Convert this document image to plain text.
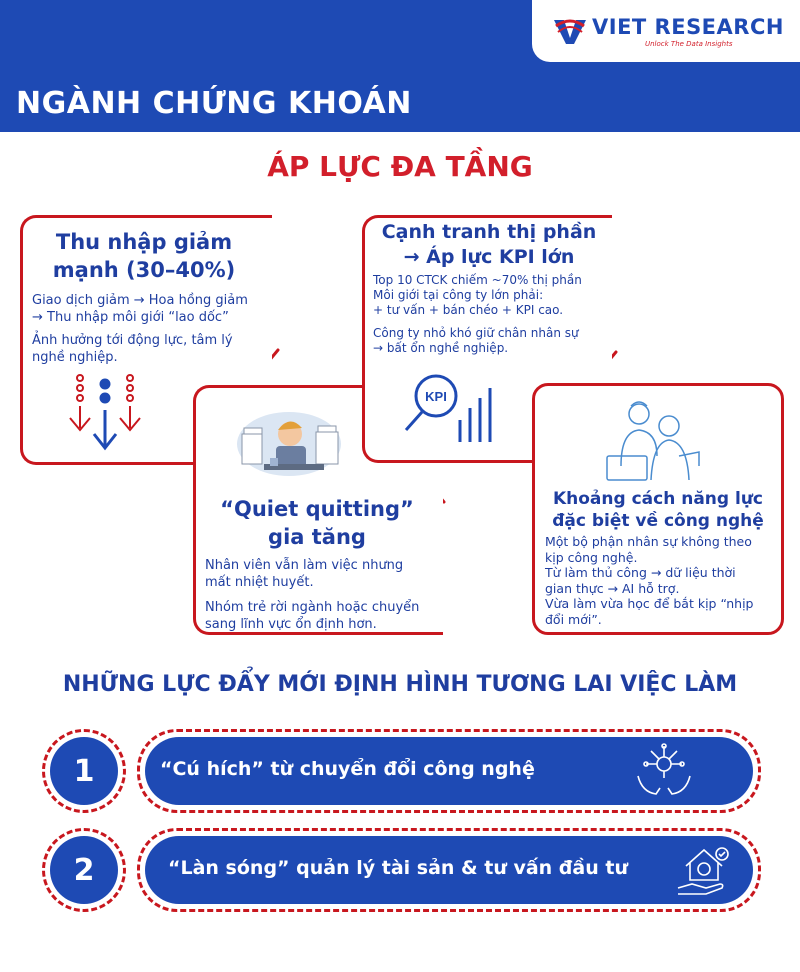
NGÀNH CHỨNG KHOÁN
VIET RESEARCH
Unlock The Data Insights
ÁP LỰC ĐA TẦNG
Thu nhập giảm
mạnh (30–40%)
Giao dịch giảm → Hoa hồng giảm
→ Thu nhập môi giới “lao dốc”
Ảnh hưởng tới động lực, tâm lý
nghề nghiệp.
“Quiet quitting”
gia tăng
Nhân viên vẫn làm việc nhưng
mất nhiệt huyết.
Nhóm trẻ rời ngành hoặc chuyển
sang lĩnh vực ổn định hơn.
Cạnh tranh thị phần
→ Áp lực KPI lớn
Top 10 CTCK chiếm ~70% thị phần
Môi giới tại công ty lớn phải:
+ tư vấn + bán chéo + KPI cao.
Công ty nhỏ khó giữ chân nhân sự
→ bất ổn nghề nghiệp.
KPI
Khoảng cách năng lực
đặc biệt về công nghệ
Một bộ phận nhân sự không theo
kịp công nghệ.
Từ làm thủ công → dữ liệu thời
gian thực → AI hỗ trợ.
Vừa làm vừa học để bắt kịp “nhịp
đổi mới”.
NHỮNG LỰC ĐẨY MỚI ĐỊNH HÌNH TƯƠNG LAI VIỆC LÀM
1	“Cú hích” từ chuyển đổi công nghệ
2	“Làn sóng” quản lý tài sản & tư vấn đầu tư
